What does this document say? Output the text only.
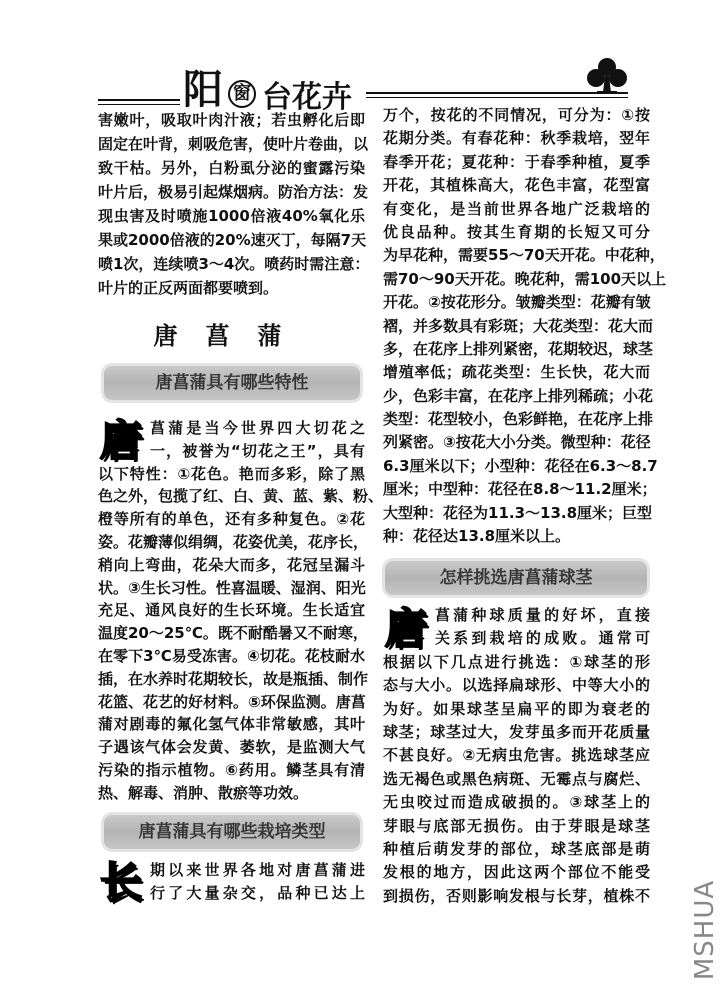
阳 窗 台花卉
害嫩叶，吸取叶肉汁液；若虫孵化后即
固定在叶背，刺吸危害，使叶片卷曲，以
致干枯。另外，白粉虱分泌的蜜露污染
叶片后，极易引起煤烟病。防治方法：发
现虫害及时喷施1000倍液40%氧化乐
果或2000倍液的20%速灭丁，每隔7天
喷1次，连续喷3～4次。喷药时需注意：
叶片的正反两面都要喷到。
唐菖蒲
唐菖蒲具有哪些特性
唐 菖蒲是当今世界四大切花之
一，被誉为“切花之王”，具有
以下特性：①花色。艳而多彩，除了黑
色之外，包揽了红、白、黄、蓝、紫、粉、
橙等所有的单色，还有多种复色。②花
姿。花瓣薄似绢绸，花姿优美，花序长，
稍向上弯曲，花朵大而多，花冠呈漏斗
状。③生长习性。性喜温暖、湿润、阳光
充足、通风良好的生长环境。生长适宜
温度20～25℃。既不耐酷暑又不耐寒，
在零下3℃易受冻害。④切花。花枝耐水
插，在水养时花期较长，故是瓶插、制作
花篮、花艺的好材料。⑤环保监测。唐菖
蒲对剧毒的氟化氢气体非常敏感，其叶
子遇该气体会发黄、萎软，是监测大气
污染的指示植物。⑥药用。鳞茎具有清
热、解毒、消肿、散瘀等功效。
唐菖蒲具有哪些栽培类型
长 期以来世界各地对唐菖蒲进
行了大量杂交，品种已达上
万个，按花的不同情况，可分为：①按
花期分类。有春花种：秋季栽培，翌年
春季开花；夏花种：于春季种植，夏季
开花，其植株高大，花色丰富，花型富
有变化，是当前世界各地广泛栽培的
优良品种。按其生育期的长短又可分
为早花种，需要55～70天开花。中花种，
需70～90天开花。晚花种，需100天以上
开花。②按花形分。皱瓣类型：花瓣有皱
褶，并多数具有彩斑；大花类型：花大而
多，在花序上排列紧密，花期较迟，球茎
增殖率低；疏花类型：生长快，花大而
少，色彩丰富，在花序上排列稀疏；小花
类型：花型较小，色彩鲜艳，在花序上排
列紧密。③按花大小分类。微型种：花径
6.3厘米以下；小型种：花径在6.3～8.7
厘米；中型种：花径在8.8～11.2厘米；
大型种：花径为11.3～13.8厘米；巨型
种：花径达13.8厘米以上。
怎样挑选唐菖蒲球茎
唐 菖蒲种球质量的好坏，直接
关系到栽培的成败。通常可
根据以下几点进行挑选：①球茎的形
态与大小。以选择扁球形、中等大小的
为好。如果球茎呈扁平的即为衰老的
球茎；球茎过大，发芽虽多而开花质量
不甚良好。②无病虫危害。挑选球茎应
选无褐色或黑色病斑、无霉点与腐烂、
无虫咬过而造成破损的。③球茎上的
芽眼与底部无损伤。由于芽眼是球茎
种植后萌发芽的部位，球茎底部是萌
发根的地方，因此这两个部位不能受
到损伤，否则影响发根与长芽，植株不 MSHUA
